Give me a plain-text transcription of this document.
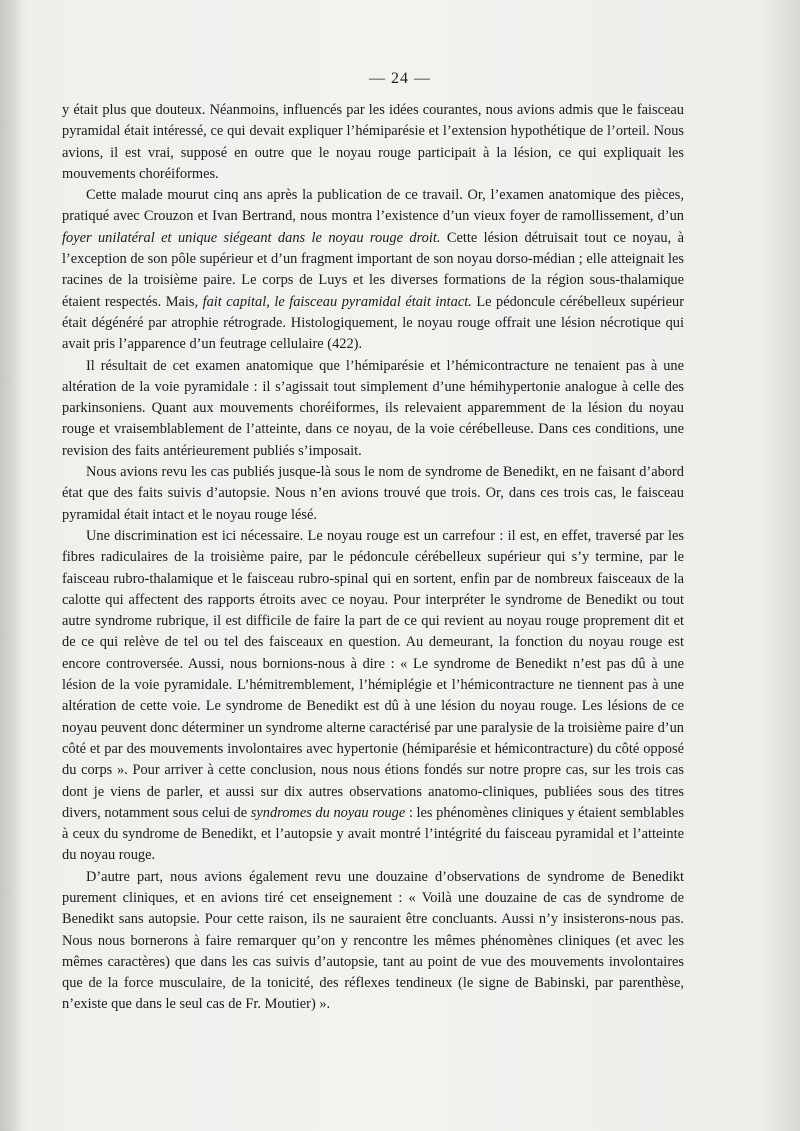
— 24 —

y était plus que douteux. Néanmoins, influencés par les idées courantes, nous avions admis que le faisceau pyramidal était intéressé, ce qui devait expliquer l’hémiparésie et l’extension hypothétique de l’orteil. Nous avions, il est vrai, supposé en outre que le noyau rouge participait à la lésion, ce qui expliquait les mouvements choréiformes.

Cette malade mourut cinq ans après la publication de ce travail. Or, l’examen anatomique des pièces, pratiqué avec Crouzon et Ivan Bertrand, nous montra l’existence d’un vieux foyer de ramollissement, d’un foyer unilatéral et unique siégeant dans le noyau rouge droit. Cette lésion détruisait tout ce noyau, à l’exception de son pôle supérieur et d’un fragment important de son noyau dorso-médian ; elle atteignait les racines de la troisième paire. Le corps de Luys et les diverses formations de la région sous-thalamique étaient respectés. Mais, fait capital, le faisceau pyramidal était intact. Le pédoncule cérébelleux supérieur était dégénéré par atrophie rétrograde. Histologiquement, le noyau rouge offrait une lésion nécrotique qui avait pris l’apparence d’un feutrage cellulaire (422).

Il résultait de cet examen anatomique que l’hémiparésie et l’hémicontracture ne tenaient pas à une altération de la voie pyramidale : il s’agissait tout simplement d’une hémihypertonie analogue à celle des parkinsoniens. Quant aux mouvements choréiformes, ils relevaient apparemment de la lésion du noyau rouge et vraisemblablement de l’atteinte, dans ce noyau, de la voie cérébelleuse. Dans ces conditions, une revision des faits antérieurement publiés s’imposait.

Nous avions revu les cas publiés jusque-là sous le nom de syndrome de Benedikt, en ne faisant d’abord état que des faits suivis d’autopsie. Nous n’en avions trouvé que trois. Or, dans ces trois cas, le faisceau pyramidal était intact et le noyau rouge lésé.

Une discrimination est ici nécessaire. Le noyau rouge est un carrefour : il est, en effet, traversé par les fibres radiculaires de la troisième paire, par le pédoncule cérébelleux supérieur qui s’y termine, par le faisceau rubro-thalamique et le faisceau rubro-spinal qui en sortent, enfin par de nombreux faisceaux de la calotte qui affectent des rapports étroits avec ce noyau. Pour interpréter le syndrome de Benedikt ou tout autre syndrome rubrique, il est difficile de faire la part de ce qui revient au noyau rouge proprement dit et de ce qui relève de tel ou tel des faisceaux en question. Au demeurant, la fonction du noyau rouge est encore controversée. Aussi, nous bornions-nous à dire : « Le syndrome de Benedikt n’est pas dû à une lésion de la voie pyramidale. L’hémitremblement, l’hémiplégie et l’hémicontracture ne tiennent pas à une altération de cette voie. Le syndrome de Benedikt est dû à une lésion du noyau rouge. Les lésions de ce noyau peuvent donc déterminer un syndrome alterne caractérisé par une paralysie de la troisième paire d’un côté et par des mouvements involontaires avec hypertonie (hémiparésie et hémicontracture) du côté opposé du corps ». Pour arriver à cette conclusion, nous nous étions fondés sur notre propre cas, sur les trois cas dont je viens de parler, et aussi sur dix autres observations anatomo-cliniques, publiées sous des titres divers, notamment sous celui de syndromes du noyau rouge : les phénomènes cliniques y étaient semblables à ceux du syndrome de Benedikt, et l’autopsie y avait montré l’intégrité du faisceau pyramidal et l’atteinte du noyau rouge.

D’autre part, nous avions également revu une douzaine d’observations de syndrome de Benedikt purement cliniques, et en avions tiré cet enseignement : « Voilà une douzaine de cas de syndrome de Benedikt sans autopsie. Pour cette raison, ils ne sauraient être concluants. Aussi n’y insisterons-nous pas. Nous nous bornerons à faire remarquer qu’on y rencontre les mêmes phénomènes cliniques (et avec les mêmes caractères) que dans les cas suivis d’autopsie, tant au point de vue des mouvements involontaires que de la force musculaire, de la tonicité, des réflexes tendineux (le signe de Babinski, par parenthèse, n’existe que dans le seul cas de Fr. Moutier) ».
